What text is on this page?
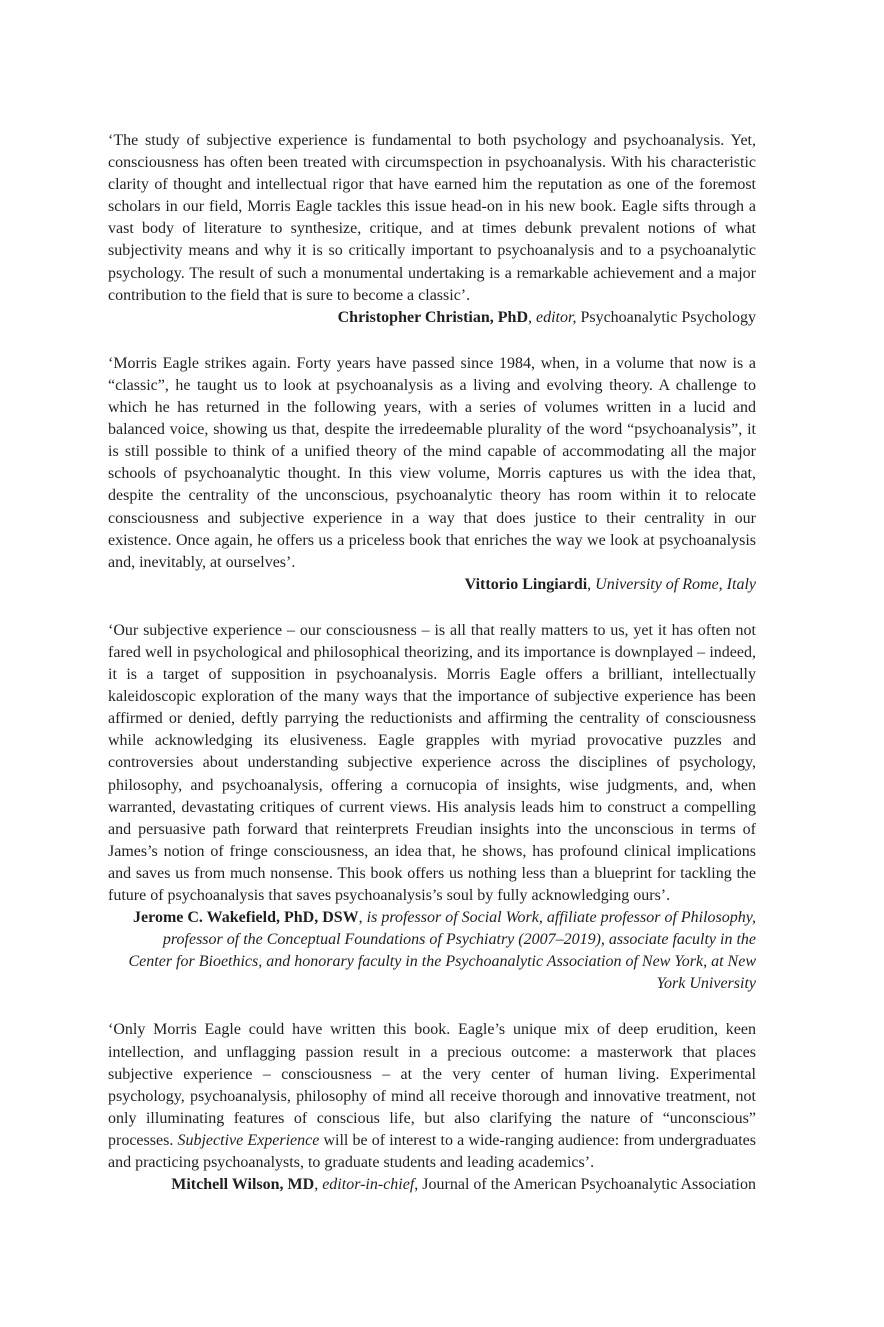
‘The study of subjective experience is fundamental to both psychology and psychoanalysis. Yet, consciousness has often been treated with circumspection in psychoanalysis. With his characteristic clarity of thought and intellectual rigor that have earned him the reputation as one of the foremost scholars in our field, Morris Eagle tackles this issue head-on in his new book. Eagle sifts through a vast body of literature to synthesize, critique, and at times debunk prevalent notions of what subjectivity means and why it is so critically important to psychoanalysis and to a psychoanalytic psychology. The result of such a monumental undertaking is a remarkable achievement and a major contribution to the field that is sure to become a classic’.

Christopher Christian, PhD, editor, Psychoanalytic Psychology

‘Morris Eagle strikes again. Forty years have passed since 1984, when, in a volume that now is a “classic”, he taught us to look at psychoanalysis as a living and evolving theory. A challenge to which he has returned in the following years, with a series of volumes written in a lucid and balanced voice, showing us that, despite the irredeemable plurality of the word “psychoanalysis”, it is still possible to think of a unified theory of the mind capable of accommodating all the major schools of psychoanalytic thought. In this view volume, Morris captures us with the idea that, despite the centrality of the unconscious, psychoanalytic theory has room within it to relocate consciousness and subjective experience in a way that does justice to their centrality in our existence. Once again, he offers us a priceless book that enriches the way we look at psychoanalysis and, inevitably, at ourselves’.

Vittorio Lingiardi, University of Rome, Italy

‘Our subjective experience – our consciousness – is all that really matters to us, yet it has often not fared well in psychological and philosophical theorizing, and its importance is downplayed – indeed, it is a target of supposition in psychoanalysis. Morris Eagle offers a brilliant, intellectually kaleidoscopic exploration of the many ways that the importance of subjective experience has been affirmed or denied, deftly parrying the reductionists and affirming the centrality of consciousness while acknowledging its elusiveness. Eagle grapples with myriad provocative puzzles and controversies about understanding subjective experience across the disciplines of psychology, philosophy, and psychoanalysis, offering a cornucopia of insights, wise judgments, and, when warranted, devastating critiques of current views. His analysis leads him to construct a compelling and persuasive path forward that reinterprets Freudian insights into the unconscious in terms of James’s notion of fringe consciousness, an idea that, he shows, has profound clinical implications and saves us from much nonsense. This book offers us nothing less than a blueprint for tackling the future of psychoanalysis that saves psychoanalysis’s soul by fully acknowledging ours’.

Jerome C. Wakefield, PhD, DSW, is professor of Social Work, affiliate professor of Philosophy, professor of the Conceptual Foundations of Psychiatry (2007–2019), associate faculty in the Center for Bioethics, and honorary faculty in the Psychoanalytic Association of New York, at New York University

‘Only Morris Eagle could have written this book. Eagle’s unique mix of deep erudition, keen intellection, and unflagging passion result in a precious outcome: a masterwork that places subjective experience – consciousness – at the very center of human living. Experimental psychology, psychoanalysis, philosophy of mind all receive thorough and innovative treatment, not only illuminating features of conscious life, but also clarifying the nature of “unconscious” processes. Subjective Experience will be of interest to a wide-ranging audience: from undergraduates and practicing psychoanalysts, to graduate students and leading academics’.

Mitchell Wilson, MD, editor-in-chief, Journal of the American Psychoanalytic Association
